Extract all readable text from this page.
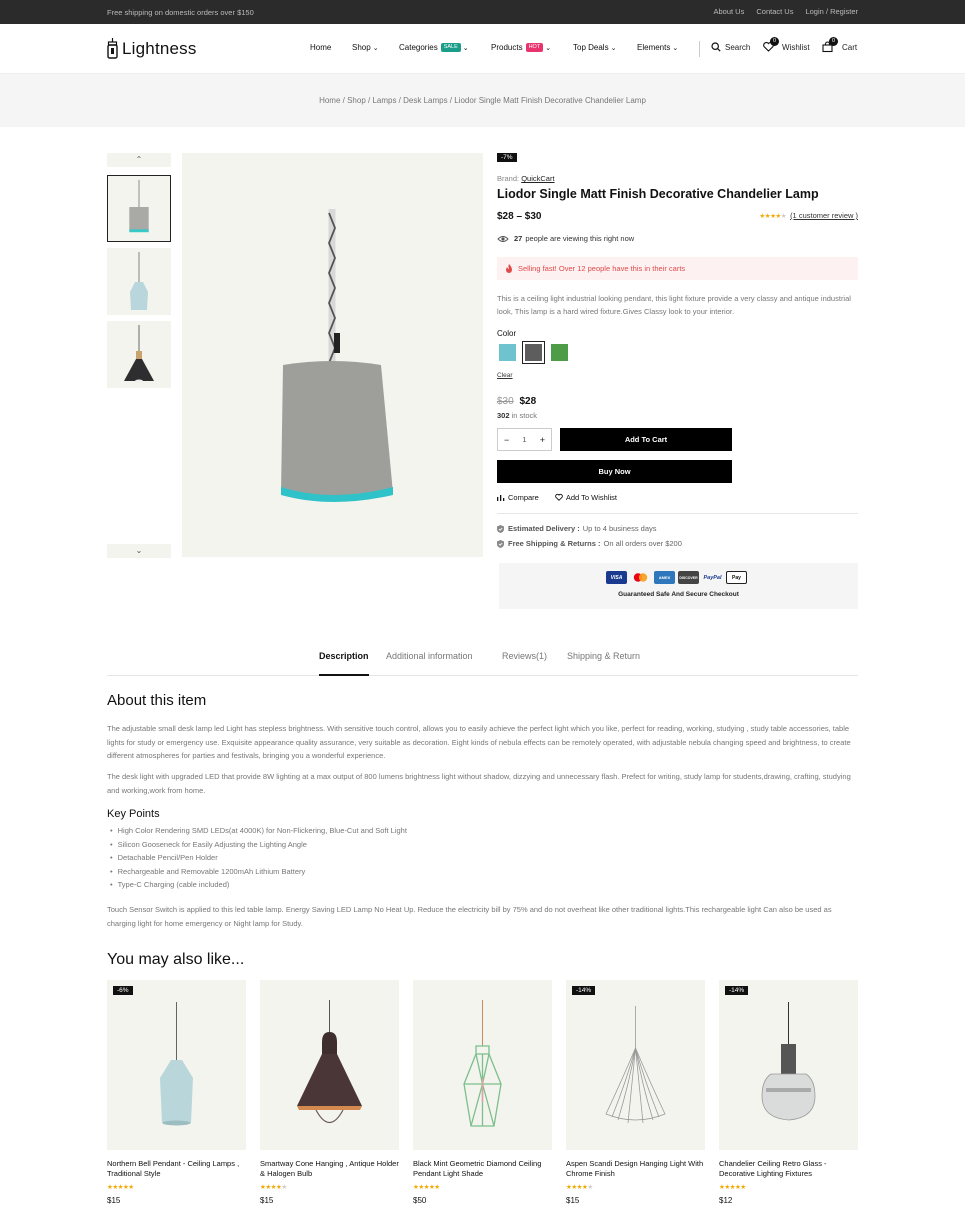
Free shipping on domestic orders over $150	About Us Contact Us Login / Register
Lightness	Home	Shop ⌄	Categories	SALE ⌄	Products	HOT ⌄	Top Deals ⌄	Elements ⌄	Search
0
Wishlist
0
Cart
Home / Shop / Lamps / Desk Lamps / Liodor Single Matt Finish Decorative Chandelier Lamp
⌃
⌄
-7%
Brand: QuickCart
Liodor Single Matt Finish Decorative Chandelier Lamp
$28 – $30	★★★★★ (1 customer review )
27 people are viewing this right now
Selling fast! Over 12 people have this in their carts
This is a ceiling light industrial looking pendant, this light fixture provide a very classy and antique industrial look, This lamp is a hard wired fixture.Gives Classy look to your interior.
Color
Clear
$30 $28
302 in stock
−
1	+	Add To Cart
Buy Now
Compare	Add To Wishlist
Estimated Delivery : Up to 4 business days
Free Shipping & Returns : On all orders over $200
VISA	AMEX	DISCOVER PayPal	Pay
Guaranteed Safe And Secure Checkout
Description Additional information	Reviews(1) Shipping & Return
About this item
The adjustable small desk lamp led Light has stepless brightness. With sensitive touch control, allows you to easily achieve the perfect light which you like, perfect for reading, working, studying , study table accessories, table lights for study or emergency use. Exquisite appearance quality assurance, very suitable as decoration. Eight kinds of nebula effects can be remotely operated, with adjustable nebula changing speed and brightness, to create different atmospheres for parties and festivals, bringing you a wonderful experience.
The desk light with upgraded LED that provide 8W lighting at a max output of 800 lumens brightness light without shadow, dizzying and unnecessary flash. Prefect for writing, study lamp for students,drawing, crafting, studying and working,work from home.
Key Points
• High Color Rendering SMD LEDs(at 4000K) for Non-Flickering, Blue-Cut and Soft Light
• Silicon Gooseneck for Easily Adjusting the Lighting Angle
• Detachable Pencil/Pen Holder
• Rechargeable and Removable 1200mAh Lithium Battery
• Type-C Charging (cable included)
Touch Sensor Switch is applied to this led table lamp. Energy Saving LED Lamp No Heat Up. Reduce the electricity bill by 75% and do not overheat like other traditional lights.This rechargeable light Can also be used as charging light for home emergency or Night lamp for Study.
You may also like...
-6%
Northern Bell Pendant - Ceiling Lamps , Traditional Style
★★★★★
$15
Smartway Cone Hanging , Antique Holder & Halogen Bulb
★★★★★
$15
Black Mint Geometric Diamond Ceiling Pendant Light Shade
★★★★★
$50
-14%
Aspen Scandi Design Hanging Light With Chrome Finish
★★★★★
$15
-14%
Chandelier Ceiling Retro Glass - Decorative Lighting Fixtures
★★★★★
$12
